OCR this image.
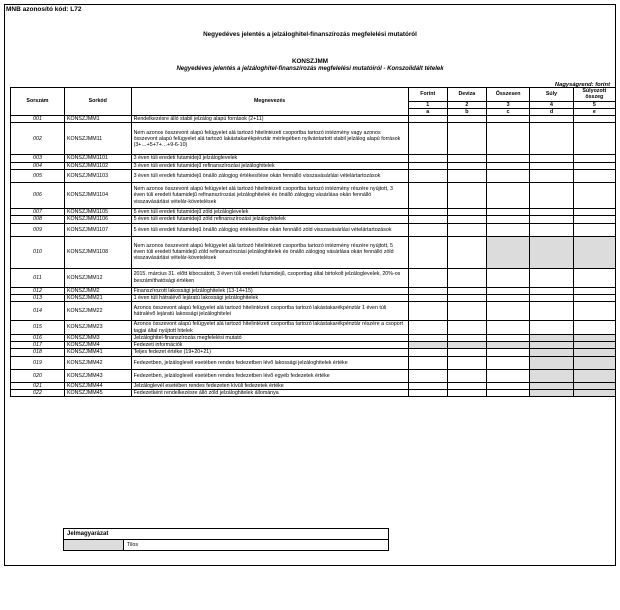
MNB azonosító kód: L72
Negyedéves jelentés a jelzáloghitel-finanszírozás megfelelési mutatóról
KONSZJMM
Negyedéves jelentés a jelzáloghitel-finanszírozás megfelelési mutatóiról - Konszolidált tételek
Nagyságrend: forint
Sorszám	Sorkód	Megnevezés	Forint	Deviza	Összesen	Súly	Súlyozott összeg
			1	2	3	4	5
			a	b	c	d	e
001	KONSZJMM1	Rendelkezésre álló stabil jelzálog alapú források (2+11)					
002	KONSZJMM11	Nem azonos összevont alapú felügyelet alá tartozó hitelintézeti csoportba tartozó intézmény vagy azonos összevont alapú felügyelet alá tartozó lakástakarékpénztár mérlegében nyilvántartott stabil jelzálog alapú források (3+…+5+7+…+9-6-10)					
003	KONSZJMM1101	3 éven túli eredeti futamidejű jelzáloglevelek					
004	KONSZJMM1102	3 éven túli eredeti futamidejű refinanszírozási jelzáloghitelek					
005	KONSZJMM1103	3 éven túli eredeti futamidejű önálló zálogjog értékesítése okán fennálló visszavásárlási vételártartozások					
006	KONSZJMM1104	Nem azonos összevont alapú felügyelet alá tartozó hitelintézeti csoportba tartozó intézmény részére nyújtott, 3 éven túli eredeti futamidejű refinanszírozási jelzáloghitelek és önálló zálogjog vásárlása okán fennálló visszavásárlási vételár-követelések					
007	KONSZJMM1105	5 éven túli eredeti futamidejű zöld jelzáloglevelek					
008	KONSZJMM1106	5 éven túli eredeti futamidejű zöld refinanszírozási jelzáloghitelek					
009	KONSZJMM1107	5 éven túli eredeti futamidejű önálló zálogjog értékesítése okán fennálló zöld visszavásárlási vételártartozások					
010	KONSZJMM1108	Nem azonos összevont alapú felügyelet alá tartozó hitelintézeti csoportba tartozó intézmény részére nyújtott, 5 éven túli eredeti futamidejű zöld refinanszírozási jelzáloghitelek és önálló zálogjog vásárlása okán fennálló zöld visszavásárlási vételár-követelések					
011	KONSZJMM12	2015. március 31. előtt kibocsátott, 3 éven túli eredeti futamidejű, csoporttag által birtokolt jelzáloglevelek, 20%-os beszámíthatósági értéken					
012	KONSZJMM2	Finanszírozott lakossági jelzáloghitelek (13-14+15)					
013	KONSZJMM21	1 éven túli hátralévő lejáratú lakossági jelzáloghitelek					
014	KONSZJMM22	Azonos összevont alapú felügyelet alá tartozó hitelintézeti csoportba tartozó lakástakarékpénztár 1 éven túli hátralévő lejáratú lakossági jelzáloghitelei					
015	KONSZJMM23	Azonos összevont alapú felügyelet alá tartozó hitelintézeti csoportba tartozó lakástakarékpénztár részére a csoport tagjai által nyújtott hitelek					
016	KONSZJMM3	Jelzáloghitel-finanszírozás megfelelési mutató					
017	KONSZJMM4	Fedezeti információk					
018	KONSZJMM41	Teljes fedezet értéke (19+20+21)					
019	KONSZJMM42	Fedezetben, jelzáloglevél esetében rendes fedezetben lévő lakossági jelzáloghitelek értéke					
020	KONSZJMM43	Fedezetben, jelzáloglevél esetében rendes fedezetben lévő egyéb fedezetek értéke					
021	KONSZJMM44	Jelzáloglevél esetében rendes fedezeten kívüli fedezetek értéke					
022	KONSZJMM45	Fedezetként rendelkezésre álló zöld jelzáloghitelek állománya					
Jelmagyarázat
	Tilos
